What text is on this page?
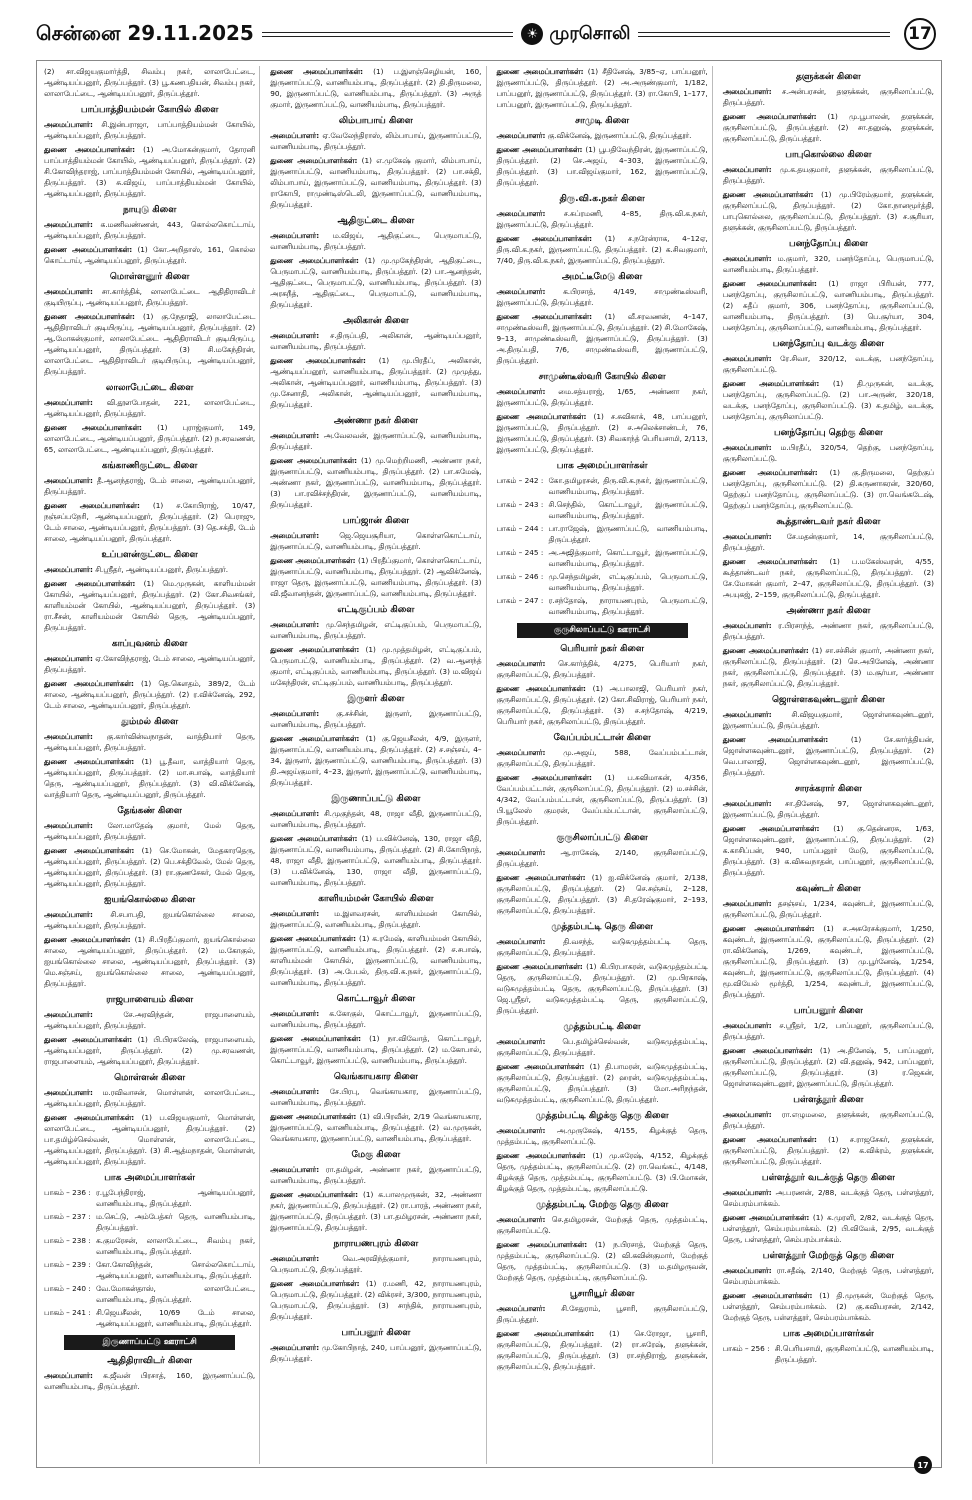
சென்னை 29.11.2025	☀ முரசொலி	17

(2) சா.விஜயகுமார்த்தி, சிவம்பு நகர், லாலாபேட்டை, ஆண்டியப்பனூர், திருப்பத்தூர். (3) பூ.கணபதியன், சிவம்பு நகர், லாலாபேட்டை, ஆண்டியப்பனூர், திருப்பத்தூர்.

பாப்பாத்தியம்மன் கோயில் கிளை

அமைப்பாளர்: சி.இன்பராஜா, பாப்பாத்தியம்மன் கோயில், ஆண்டியப்பனூர், திருப்பத்தூர்.

துணை அமைப்பாளர்கள்: (1) அ.மோகன்குமார், தோரனி பாப்பாத்தியம்மன் கோயில், ஆண்டியப்பனூர், திருப்பத்தூர். (2) சி.கோவிந்தராஜ், பாப்பாத்தியம்மன் கோயில், ஆண்டியப்பனூர், திருப்பத்தூர். (3) சு.விஜய், பாப்பாத்தியம்மன் கோயில், ஆண்டியப்பனூர், திருப்பத்தூர்.

நாயுடு கிளை

அமைப்பாளர்: க.மணிவண்ணன், 443, கொல்லகொட்டாய், ஆண்டியப்பனூர், திருப்பத்தூர்.

துணை அமைப்பாளர்கள்: (1) கோ.அறிதாஸ், 161, கொல்ல கொட்டாய், ஆண்டியப்பனூர், திருப்பத்தூர்.

மொள்ளனூர் கிளை

அமைப்பாளர்: சா.கார்த்திக், லாலாபேட்டை ஆதிதிராவிடர் குடியிருப்பு, ஆண்டியப்பனூர், திருப்பத்தூர்.

துணை அமைப்பாளர்கள்: (1) கு.நேதாஜி, லாலாபேட்டை ஆதிதிராவிடர் குடியிருப்பு, ஆண்டியப்பனூர், திருப்பத்தூர். (2) ஆ.மோகன்குமார், லாலாபேட்டை ஆதிதிராவிடர் குடியிருப்பு, ஆண்டியப்பனூர், திருப்பத்தூர். (3) சி.மகேந்திரன், லாலாபேட்டை ஆதிதிராவிடர் குடியிருப்பு, ஆண்டியப்பனூர், திருப்பத்தூர்.

லாலாபேட்டை கிளை

அமைப்பாளர்: வி.தூளபோதன், 221, லாலாபேட்டை, ஆண்டியப்பனூர், திருப்பத்தூர்.

துணை அமைப்பாளர்கள்: (1) புராஜ்குமார், 149, லாலாபேட்டை, ஆண்டியப்பனூர், திருப்பத்தூர். (2) ந.சரவணன், 65, லாலாபேட்டை, ஆண்டியப்பனூர், திருப்பத்தூர்.

கங்காணிகுட்டை கிளை

அமைப்பாளர்: தீ.ஆனந்தராஜ், டேம் சாலை, ஆண்டியப்பனூர், திருப்பத்தூர்.

துணை அமைப்பாளர்கள்: (1) ச.கோபிராஜ், 10/47, நஞ்சப்பநேரி, ஆண்டியப்பனூர், திருப்பத்தூர். (2) பெராஜு, டேம் சாலை, ஆண்டியப்பனூர், திருப்பத்தூர். (3) தெ.சக்தி, டேம் சாலை, ஆண்டியப்பனூர், திருப்பத்தூர்.

உப்பளன்குட்டை கிளை

அமைப்பாளர்: சி.ஸ்ரீதர், ஆண்டியப்பனூர், திருப்பத்தூர்.

துணை அமைப்பாளர்கள்: (1) மெ.முருகன், காளியம்மன் கோயில், ஆண்டியப்பனூர், திருப்பத்தூர். (2) கோ.சிவசங்கர், காளியம்மன் கோயில், ஆண்டியப்பனூர், திருப்பத்தூர். (3) ரா.சீசன், காளியம்மன் கோயில் தெரு, ஆண்டியப்பனூர், திருப்பத்தூர்.

காப்புவனம் கிளை

அமைப்பாளர்: ஏ.கோவிந்தராஜ், டேம் சாலை, ஆண்டியப்பனூர், திருப்பத்தூர்.

துணை அமைப்பாளர்கள்: (1) தெ.கௌதம், 389/2, டேம் சாலை, ஆண்டியப்பனூர், திருப்பத்தூர். (2) ர.விக்னேஷ், 292, டேம் சாலை, ஆண்டியப்பனூர், திருப்பத்தூர்.

தும்மல் கிளை

அமைப்பாளர்: கு.கார்வின்வநாதன், வாத்தியார் தெரு, ஆண்டியப்பனூர், திருப்பத்தூர்.

துணை அமைப்பாளர்கள்: (1) பூ.தீவா, வாத்தியார் தெரு, ஆண்டியப்பனூர், திருப்பத்தூர். (2) மா.சபாஷ், வாத்தியார் தெரு, ஆண்டியப்பனூர், திருப்பத்தூர். (3) வி.விக்னேஷ், வாத்தியார் தெரு, ஆண்டியப்பனூர், திருப்பத்தூர்.

தேங்கண் கிளை

அமைப்பாளர்: லோ.மாதேஷ் குமார், மேல் தெரு, ஆண்டியப்பனூர், திருப்பத்தூர்.

துணை அமைப்பாளர்கள்: (1) செ.மோகன், மேதகாரதெரு, ஆண்டியப்பனூர், திருப்பத்தூர். (2) பெ.சக்திவேல், மேல் தெரு, ஆண்டியப்பனூர், திருப்பத்தூர். (3) ரா.குணசேகர், மேல் தெரு, ஆண்டியப்பனூர், திருப்பத்தூர்.

ஐயங்கொல்லை கிளை

அமைப்பாளர்: சி.சபாபதி, ஐயங்கொல்லை சாலை, ஆண்டியப்பனூர், திருப்பத்தூர்.

துணை அமைப்பாளர்கள்: (1) சி.பிரதீப்குமார், ஐயங்கொல்லை சாலை, ஆண்டியப்பனூர், திருப்பத்தூர். (2) ம.கோகுல், ஐயங்கொல்லை சாலை, ஆண்டியப்பனூர், திருப்பத்தூர். (3) மெ.சஞ்சய், ஐயங்கொல்லை சாலை, ஆண்டியப்பனூர், திருப்பத்தூர்.

ராஜபாளையம் கிளை

அமைப்பாளர்: சே.அரவிந்தன், ராஜபாளையம், ஆண்டியப்பனூர், திருப்பத்தூர்.

துணை அமைப்பாளர்கள்: (1) பி.பிரகலேஷ், ராஜபாளையம், ஆண்டியப்பனூர், திருப்பத்தூர். (2) மு.சரவணன், ராஜபாளையம், ஆண்டியப்பனூர், திருப்பத்தூர்.

மொள்ளன் கிளை

அமைப்பாளர்: ம.ரவிவாசன், மொள்ளன், லாலாபேட்டை, ஆண்டியப்பனூர், திருப்பத்தூர்.

துணை அமைப்பாளர்கள்: (1) ப.விஜயகுமார், மொள்ளன், லாலாபேட்டை, ஆண்டியப்பனூர், திருப்பத்தூர். (2) பா.தமிழ்ச்செல்வன், மொள்ளன், லாலாபேட்டை, ஆண்டியப்பனூர், திருப்பத்தூர். (3) சி.ஆத்மநாதன், மொள்ளன், ஆண்டியப்பனூர், திருப்பத்தூர்.

பாக அமைப்பாளர்கள்
பாகம் – 236 : ர.பூபேந்திராஜ், ஆண்டியப்பனூர், வாணியம்பாடி, திருப்பத்தூர்.
பாகம் – 237 : ம.செட்டு, அம்பேத்கர் தெரு, வாணியம்பாடி, திருப்பத்தூர்.
பாகம் – 238 : க.குமரேசன், லாலாபேட்டை, சிவம்பு நகர், வாணியம்பாடி, திருப்பத்தூர்.
பாகம் – 239 : கோ.கோவிந்தன், சொல்லகொட்டாய், ஆண்டியப்பனூர், வாணியம்பாடி, திருப்பத்தூர்.
பாகம் – 240 : வே.மோகன்தாஸ், லாலாபேட்டை, வாணியம்பாடி, திருப்பத்தூர்.
பாகம் – 241 : சி.ஜெயசீலன், 10/69 டேம் சாலை, ஆண்டியப்பனூர், வாணியம்பாடி, திருப்பத்தூர்.
இருணாப்பட்டு ஊராட்சி
ஆதிதிராவிடர் கிளை

அமைப்பாளர்: க.ஜீவன் பிரசாத், 160, இருணாப்பட்டு, வாணியம்பாடி, திருப்பத்தூர்.

துணை அமைப்பாளர்கள்: (1) ப.இளஞ்செழியன், 160, இருணாப்பட்டு, வாணியம்பாடி, திருப்பத்தூர். (2) தி.திருமலை, 90, இருணாப்பட்டு, வாணியம்பாடி, திருப்பத்தூர். (3) அருத் குமார், இருணாப்பட்டு, வாணியம்பாடி, திருப்பத்தூர்.

லிம்பாபாய் கிளை

அமைப்பாளர்: ஏ.வேலேந்திராஸ், லிம்பாபாய், இருணாப்பட்டு, வாணியம்பாடி, திருப்பத்தூர்.

துணை அமைப்பாளர்கள்: (1) எ.முகேஷ் குமார், லிம்பாபாய், இருணாப்பட்டு, வாணியம்பாடி, திருப்பத்தூர். (2) பா.சக்தி, லிம்பாபாய், இருணாப்பட்டு, வாணியம்பாடி, திருப்பத்தூர். (3) ராகோபி, ராமுண்டிஸ்டெலி, இருணாப்பட்டு, வாணியம்பாடி, திருப்பத்தூர்.

ஆதிகுட்டை கிளை

அமைப்பாளர்: ம.விஜய், ஆதிகுட்டை, பெருமாபட்டு, வாணியம்பாடி, திருப்பத்தூர்.

துணை அமைப்பாளர்கள்: (1) மு.முகேந்திரன், ஆதிகுட்டை, பெருமாபட்டு, வாணியம்பாடி, திருப்பத்தூர். (2) பா.ஆனந்தன், ஆதிகுட்டை, பெருமாபட்டு, வாணியம்பாடி, திருப்பத்தூர். (3) அரசுநீத், ஆதிகுட்டை, பெருமாபட்டு, வாணியம்பாடி, திருப்பத்தூர்.

அலிகான் கிளை

அமைப்பாளர்: ச.திருப்பதி, அலிகான், ஆண்டியப்பனூர், வாணியம்பாடி, திருப்பத்தூர்.

துணை அமைப்பாளர்கள்: (1) மு.பிரதீப், அலிகான், ஆண்டியப்பனூர், வாணியம்பாடி, திருப்பத்தூர். (2) முமுத்து, அலிகான், ஆண்டியப்பனூர், வாணியம்பாடி, திருப்பத்தூர். (3) மு.சேனாதி, அலிகான், ஆண்டியப்பனூர், வாணியம்பாடி, திருப்பத்தூர்.

அண்ணா நகர் கிளை

அமைப்பாளர்: அ.வேலவன், இருணாப்பட்டு, வாணியம்பாடி, திருப்பத்தூர்.

துணை அமைப்பாளர்கள்: (1) மு.மெற்றிமணி, அண்ணா நகர், இருணாப்பட்டு, வாணியம்பாடி, திருப்பத்தூர். (2) பா.சுமேஷ், அண்ணா நகர், இருணாப்பட்டு, வாணியம்பாடி, திருப்பத்தூர். (3) பா.ரவிச்சந்திரன், இருணாப்பட்டு, வாணியம்பாடி, திருப்பத்தூர்.

பாப்ஜான் கிளை

அமைப்பாளர்: ஜெ.ஜெயசூரியா, கொள்ளகொட்டாய், இருணாப்பட்டு, வாணியம்பாடி, திருப்பத்தூர்.

துணை அமைப்பாளர்கள்: (1) பிரதீப்குமார், கொள்ளகொட்டாய், இருணாப்பட்டு, வாணியம்பாடி, திருப்பத்தூர். (2) ஆவிக்னேஷ், ராஜா தெரு, இருணாப்பட்டு, வாணியம்பாடி, திருப்பத்தூர். (3) வி.ஜீவானந்தன், இருணாப்பட்டு, வாணியம்பாடி, திருப்பத்தூர்.

எட்டிகுப்பம் கிளை

அமைப்பாளர்: மு.செந்தமிழன், எட்டிகுப்பம், பெருமாபட்டு, வாணியம்பாடி, திருப்பத்தூர்.

துணை அமைப்பாளர்கள்: (1) மு.முத்தமிழன், எட்டிகுப்பம், பெருமாபட்டு, வாணியம்பாடி, திருப்பத்தூர். (2) வ.ஆனந்த் குமார், எட்டிகுப்பம், வாணியம்பாடி, திருப்பத்தூர். (3) ம.விஜய் மகேந்திரன், எட்டிகுப்பம், வாணியம்பாடி, திருப்பத்தூர்.

இருளர் கிளை

அமைப்பாளர்: கு.சச்சின், இருளர், இருணாப்பட்டு, வாணியம்பாடி, திருப்பத்தூர்.

துணை அமைப்பாளர்கள்: (1) கு.ஜெயசீலன், 4/9, இருளர், இருணாப்பட்டு, வாணியம்பாடி, திருப்பத்தூர். (2) ச.சஞ்சய், 4–34, இருளர், இருணாப்பட்டு, வாணியம்பாடி, திருப்பத்தூர். (3) தி.அஜய்குமார், 4–23, இருளர், இருணாப்பட்டு, வாணியம்பாடி, திருப்பத்தூர்.

இருணாப்பட்டு கிளை

அமைப்பாளர்: சி.முகுந்தன், 48, ராஜா வீதி, இருணாப்பட்டு, வாணியம்பாடி, திருப்பத்தூர்.

துணை அமைப்பாளர்கள்: (1) ப.விக்னேஷ், 130, ராஜா வீதி, இருணாப்பட்டு, வாணியம்பாடி, திருப்பத்தூர். (2) சி.கோபிநாத், 48, ராஜா வீதி, இருணாப்பட்டு, வாணியம்பாடி, திருப்பத்தூர். (3) ப.விக்னேஷ், 130, ராஜா வீதி, இருணாப்பட்டு, வாணியம்பாடி, திருப்பத்தூர்.

காளியம்மன் கோயில் கிளை

அமைப்பாளர்: ம.இளவரசன், காளியம்மன் கோயில், இருணாப்பட்டு, வாணியம்பாடி, திருப்பத்தூர்.

துணை அமைப்பாளர்கள்: (1) க.ரமேஷ், காளியம்மன் கோயில், இருணாப்பட்டு, வாணியம்பாடி, திருப்பத்தூர். (2) ச.சபாஷ், காளியம்மன் கோயில், இருணாப்பட்டு, வாணியம்பாடி, திருப்பத்தூர். (3) அ.பேபல், திரு.வி.க.நகர், இருணாப்பட்டு, வாணியம்பாடி, திருப்பத்தூர்.

கொட்டாவூர் கிளை

அமைப்பாளர்: க.கோகுல், கொட்டாவூர், இருணாப்பட்டு, வாணியம்பாடி, திருப்பத்தூர்.

துணை அமைப்பாளர்கள்: (1) நா.விவோத், கொட்டாவூர், இருணாப்பட்டு, வாணியம்பாடி, திருப்பத்தூர். (2) ம.கோபால், கொட்டாவூர், இருணாப்பட்டு, வாணியம்பாடி, திருப்பத்தூர்.

வெங்காயகார கிளை

அமைப்பாளர்: சே.பிரபு, வெங்காயகார, இருணாப்பட்டு, வாணியம்பாடி, திருப்பத்தூர்.

துணை அமைப்பாளர்கள்: (1) வி.பிரவீன், 2/19 வெங்காயகார, இருணாப்பட்டு, வாணியம்பாடி, திருப்பத்தூர். (2) வ.முருகன், வெங்காயகார, இருணாப்பட்டு, வாணியம்பாடி, திருப்பத்தூர்.

மேகு கிளை

அமைப்பாளர்: ரா.தமிழன், அண்ணா நகர், இருணாப்பட்டு, வாணியம்பாடி, திருப்பத்தூர்.

துணை அமைப்பாளர்கள்: (1) க.பாலமுருகன், 32, அண்ணா நகர், இருணாப்பட்டு, திருப்பத்தூர். (2) ரா.பாரத், அண்ணா நகர், இருணாப்பட்டு, திருப்பத்தூர். (3) பா.தமிழரசன், அண்ணா நகர், இருணாப்பட்டு, திருப்பத்தூர்.

நாராயணபுரம் கிளை

அமைப்பாளர்: வெ.அரவிந்த்குமார், நாராயணபுரம், பெருமாபட்டு, திருப்பத்தூர்.

துணை அமைப்பாளர்கள்: (1) ர.மணி, 42, நாராயணபுரம், பெருமாபட்டு, திருப்பத்தூர். (2) விக்ரசர், 3/300, நாராயணபுரம், பெருமாபட்டு, திருப்பத்தூர். (3) சாந்திக், நாராயணபுரம், திருப்பத்தூர்.

பாப்பனூர் கிளை

அமைப்பாளர்: மு.கோபிநாத், 240, பாப்பனூர், இருணாப்பட்டு, திருப்பத்தூர்.

துணை அமைப்பாளர்கள்: (1) சீதினேஷ், 3/85–ஏ, பாப்பனூர், இருணாப்பட்டு, திருப்பத்தூர். (2) அ.அருண்குமார், 1/182, பாப்பனூர், இருணாப்பட்டு, திருப்பத்தூர். (3) ரா.கோபி, 1–177, பாப்பனூர், இருணாப்பட்டு, திருப்பத்தூர்.

சாமுடி கிளை

அமைப்பாளர்: கு.விக்னேஷ், இருணாப்பட்டு, திருப்பத்தூர்.

துணை அமைப்பாளர்கள்: (1) பூபதிவேந்திரன், இருணாப்பட்டு, திருப்பத்தூர். (2) செ.அஜய், 4–303, இருணாப்பட்டு, திருப்பத்தூர். (3) பா.விஜய்குமார், 162, இருணாப்பட்டு, திருப்பத்தூர்.

திரு.வி.க.நகர் கிளை

அமைப்பாளர்: ச.சுப்ரமணி, 4–85, திரு.வி.க.நகர், இருணாப்பட்டு, திருப்பத்தூர்.

துணை அமைப்பாளர்கள்: (1) ச.நரேன்ராக, 4–12ஏ, திரு.வி.க.நகர், இருணாப்பட்டு, திருப்பத்தூர். (2) க.சிவகுமார், 7/40, திரு.வி.க.நகர், இருணாப்பட்டு, திருப்பத்தூர்.

அமட்டீமேடு கிளை

அமைப்பாளர்: க.பிரசாத், 4/149, சாமுண்டீஸ்வரி, இருணாப்பட்டு, திருப்பத்தூர்.

துணை அமைப்பாளர்கள்: (1) வீ.சரவணன், 4–147, சாமுண்டீஸ்வரி, இருணாப்பட்டு, திருப்பத்தூர். (2) சி.மோகேஷ், 9–13, சாமுண்டீஸ்வரி, இருணாப்பட்டு, திருப்பத்தூர். (3) அ.திருப்பதி, 7/6, சாமுண்டீஸ்வரி, இருணாப்பட்டு, திருப்பத்தூர்.

சாமுண்டீஸ்வரி கோயில் கிளை

அமைப்பாளர்: மை.சத்யராஜ், 1/65, அண்ணா நகர், இருணாப்பட்டு, திருப்பத்தூர்.

துணை அமைப்பாளர்கள்: (1) ச.சுவிகாக், 48, பாப்பனூர், இருணாப்பட்டு, திருப்பத்தூர். (2) ச.அலெக்சாண்டர், 76, இருணாப்பட்டு, திருப்பத்தூர். (3) சிவகாந்த் பெரியசாமி, 2/113, இருணாப்பட்டு, திருப்பத்தூர்.

பாக அமைப்பாளர்கள்
பாகம் – 242 : கோ.தமிழரசன், திரு.வி.க.நகர், இருணாப்பட்டு, வாணியம்பாடி, திருப்பத்தூர்.
பாகம் – 243 : சி.செந்தில், கொட்டாவூர், இருணாப்பட்டு, வாணியம்பாடி, திருப்பத்தூர்.
பாகம் – 244 : பா.ராஜேஷ், இருணாப்பட்டு, வாணியம்பாடி, திருப்பத்தூர்.
பாகம் – 245 : அ.அஜித்குமார், கொட்டாவூர், இருணாப்பட்டு, வாணியம்பாடி, திருப்பத்தூர்.
பாகம் – 246 : மு.செந்தமிழன், எட்டிகுப்பம், பெருமாபட்டு, வாணியம்பாடி, திருப்பத்தூர்.
பாகம் – 247 : ர.சந்தோஷ், நாராயணபுரம், பெருமாபட்டு, வாணியம்பாடி, திருப்பத்தூர்.
குருசிலாப்பட்டு ஊராட்சி
பெரியார் நகர் கிளை

அமைப்பாளர்: செ.கார்த்திக், 4/275, பெரியார் நகர், குருசிலாப்பட்டு, திருப்பத்தூர்.

துணை அமைப்பாளர்கள்: (1) அ.பாலாஜி, பெரியார் நகர், குருசிலாப்பட்டு, திருப்பத்தூர். (2) கோ.சிவிராஜ், பெரியார் நகர், குருசிலாப்பட்டு, திருப்பத்தூர். (3) ச.சந்தோஷ், 4/219, பெரியார் நகர், குருசிலாப்பட்டு, திருப்பத்தூர்.

வேப்பம்பட்டான் கிளை

அமைப்பாளர்: மு.அஜய், 588, வேப்பம்பட்டான், குருசிலாப்பட்டு, திருப்பத்தூர்.

துணை அமைப்பாளர்கள்: (1) ப.சுவிமாகன், 4/356, வேப்பம்பட்டான், குருசிலாப்பட்டு, திருப்பத்தூர். (2) ம.சச்சின், 4/342, வேப்பம்பட்டான், குருசிலாப்பட்டு, திருப்பத்தூர். (3) பி.யூலேஸ் குமரன், வேப்பம்பட்டான், குருசிலாப்பட்டு, திருப்பத்தூர்.

குருசிலாப்பட்டு கிளை

அமைப்பாளர்: ஆ.ராகேஷ், 2/140, குருசிலாப்பட்டு, திருப்பத்தூர்.

துணை அமைப்பாளர்கள்: (1) ஐ.விக்னேஷ் குமார், 2/138, குருசிலாப்பட்டு, திருப்பத்தூர். (2) செ.சஞ்சய், 2–128, குருசிலாப்பட்டு, திருப்பத்தூர். (3) சி.தரேஷ்குமார், 2–193, குருசிலாப்பட்டு, திருப்பத்தூர்.

முத்தம்பட்டி தெரு கிளை

அமைப்பாளர்: தி.வசந்த், வடுகமுத்தம்பட்டி தெரு, குருசிலாப்பட்டு, திருப்பத்தூர்.

துணை அமைப்பாளர்கள்: (1) கி.பிரபாகரன், வடுகமுத்தம்பட்டி தெரு, குருசிலாப்பட்டு, திருப்பத்தூர். (2) மு.பிரகாஷ், வடுகமுத்தம்பட்டி தெரு, குருசிலாப்பட்டு, திருப்பத்தூர். (3) ஜெ.ஸ்ரீதர், வடுகமுத்தம்பட்டி தெரு, குருசிலாப்பட்டு, திருப்பத்தூர்.

முத்தம்பட்டி கிளை

அமைப்பாளர்: பெ.தமிழ்ச்செல்வன், வடுகமுத்தம்பட்டி, குருசிலாப்பட்டு, திருப்பத்தூர்.

துணை அமைப்பாளர்கள்: (1) தி.பாமரன், வடுகமுத்தம்பட்டி, குருசிலாப்பட்டு, திருப்பத்தூர். (2) ஹரன், வடுகமுத்தம்பட்டி, குருசிலாப்பட்டு, திருப்பத்தூர். (3) மோ.அரிநந்தன், வடுகமுத்தம்பட்டி, குருசிலாப்பட்டு, திருப்பத்தூர்.

முத்தம்பட்டி கிழக்கு தெரு கிளை

அமைப்பாளர்: அ.முருகேஷ், 4/155, கிழக்குத் தெரு, முத்தம்பட்டி, குருசிலாப்பட்டு.

துணை அமைப்பாளர்கள்: (1) மு.சுரேஷ், 4/152, கிழக்குத் தெரு, முத்தம்பட்டி, குருசிலாப்பட்டு. (2) ரா.வெங்கட், 4/148, கிழக்குத் தெரு, முத்தம்பட்டி, குருசிலாப்பட்டு. (3) பி.மோகன், கிழக்குத் தெரு, முத்தம்பட்டி, குருசிலாப்பட்டு.

முத்தம்பட்டி மேற்கு தெரு கிளை

அமைப்பாளர்: செ.தமிழரசன், மேற்குத் தெரு, முத்தம்பட்டி, குருசிலாப்பட்டு.

துணை அமைப்பாளர்கள்: (1) ந.பிரசாத், மேற்குத் தெரு, முத்தம்பட்டி, குருசிலாப்பட்டு. (2) வி.கவின்குமார், மேற்குத் தெரு, முத்தம்பட்டி, குருசிலாப்பட்டு. (3) ம.தமிழருவன், மேற்குத் தெரு, முத்தம்பட்டி, குருசிலாப்பட்டு.

பூசாரியூர் கிளை

அமைப்பாளர்: சி.சேதுராம், பூசாரி, குருசிலாப்பட்டு, திருப்பத்தூர்.

துணை அமைப்பாளர்கள்: (1) செ.ரோஜா, பூசாரி, குருசிலாப்பட்டு, திருப்பத்தூர். (2) ரா.சுரேஷ், தளுக்கன், குருசிலாப்பட்டு, திருப்பத்தூர். (3) ரா.சந்திராஜ், தளுக்கன், குருசிலாப்பட்டு, திருப்பத்தூர்.

தளுக்கன் கிளை

அமைப்பாளர்: ச.அன்பரசன், தளுக்கன், குருசிலாப்பட்டு, திருப்பத்தூர்.

துணை அமைப்பாளர்கள்: (1) மு.பூபாலன், தளுக்கன், குருசிலாப்பட்டு, திருப்பத்தூர். (2) சா.தனுஷ், தளுக்கன், குருசிலாப்பட்டு, திருப்பத்தூர்.

பாபுகொல்லை கிளை

அமைப்பாளர்: மு.க.தயகுமார், தளுக்கன், குருசிலாப்பட்டு, திருப்பத்தூர்.

துணை அமைப்பாளர்கள்: (1) மு.பிரேம்குமார், தளுக்கன், குருசிலாப்பட்டு, திருப்பத்தூர். (2) கோ.நானமூர்த்தி, பாபுகொல்லை, குருசிலாப்பட்டு, திருப்பத்தூர். (3) ச.சூரியா, தளுக்கன், குருசிலாப்பட்டு, திருப்பத்தூர்.

பனந்தோப்பு கிளை

அமைப்பாளர்: ம.குமார், 320, பனந்தோப்பு, பெருமாபட்டு, வாணியம்பாடி, திருப்பத்தூர்.

துணை அமைப்பாளர்கள்: (1) ராஜா பிரியன், 777, பனந்தோப்பு, குருசிலாப்பட்டு, வாணியம்பாடி, திருப்பத்தூர். (2) சுதீப் குமார், 306, பனந்தோப்பு, குருசிலாப்பட்டு, வாணியம்பாடி, திருப்பத்தூர். (3) பெ.சூர்யா, 304, பனந்தோப்பு, குருசிலாப்பட்டு, வாணியம்பாடி, திருப்பத்தூர்.

பனந்தோப்பு வடக்கு கிளை

அமைப்பாளர்: ரே.சிவா, 320/12, வடக்கு, பனந்தோப்பு, குருசிலாப்பட்டு.

துணை அமைப்பாளர்கள்: (1) தி.முருகன், வடக்கு, பனந்தோப்பு, குருசிலாப்பட்டு. (2) பா.அருண், 320/18, வடக்கு, பனந்தோப்பு, குருசிலாப்பட்டு. (3) சு.தமிழ், வடக்கு, பனந்தோப்பு, குருசிலாப்பட்டு.

பனந்தோப்பு தெற்கு கிளை

அமைப்பாளர்: ம.பிரதீப், 320/54, தெற்கு, பனந்தோப்பு, குருசிலாப்பட்டு.

துணை அமைப்பாளர்கள்: (1) கு.திருமலை, தெற்குப் பனந்தோப்பு, குருசிலாப்பட்டு. (2) தி.கருணாகரன், 320/60, தெற்குப் பனந்தோப்பு, குருசிலாப்பட்டு. (3) ரா.வெங்கடேஷ், தெற்குப் பனந்தோப்பு, குருசிலாப்பட்டு.

கூத்தாண்டவர் நகர் கிளை

அமைப்பாளர்: சே.மதன்குமார், 14, குருசிலாப்பட்டு, திருப்பத்தூர்.

துணை அமைப்பாளர்கள்: (1) ப.மகேஸ்வரன், 4/55, கூத்தாண்டவர் நகர், குருசிலாப்பட்டு, திருப்பத்தூர். (2) சே.மோகன் குமார், 2–47, குருசிலாப்பட்டு, திருப்பத்தூர். (3) அ.யுகஜ், 2–159, குருசிலாப்பட்டு, திருப்பத்தூர்.

அண்ணா நகர் கிளை

அமைப்பாளர்: ர.பிரசாந்த், அண்ணா நகர், குருசிலாப்பட்டு, திருப்பத்தூர்.

துணை அமைப்பாளர்கள்: (1) சா.சச்சின் குமார், அண்ணா நகர், குருசிலாப்பட்டு, திருப்பத்தூர். (2) செ.அபினேஷ், அண்ணா நகர், குருசிலாப்பட்டு, திருப்பத்தூர். (3) ம.சூர்யா, அண்ணா நகர், குருசிலாப்பட்டு, திருப்பத்தூர்.

ஜொள்ளகவுண்டனூர் கிளை

அமைப்பாளர்: சி.விஜயகுமார், ஜொள்ளகவுண்டனூர், இருணாப்பட்டு, திருப்பத்தூர்.

துணை அமைப்பாளர்கள்: (1) சே.கார்த்தியன், ஜொள்ளகவுண்டனூர், இருணாப்பட்டு, திருப்பத்தூர். (2) வெ.பாலாஜி, ஜொள்ளகவுண்டனூர், இருணாப்பட்டு, திருப்பத்தூர்.

சாரக்கரார் கிளை

அமைப்பாளர்: சா.தினேஷ், 97, ஜொள்ளகவுண்டனூர், இருணாப்பட்டு, திருப்பத்தூர்.

துணை அமைப்பாளர்கள்: (1) கு.தென்னரசு, 1/63, ஜொள்ளகவுண்டனூர், இருணாப்பட்டு, திருப்பத்தூர். (2) க.காசிப்பன், 940, பாப்பனூர் மேடு, குருசிலாப்பட்டு, திருப்பத்தூர். (3) க.விசுவநாதன், பாப்பனூர், குருசிலாப்பட்டு, திருப்பத்தூர்.

கவுண்டர் கிளை

அமைப்பாளர்: தசஞ்சய், 1/234, கவுண்டர், இருணாப்பட்டு, குருசிலாப்பட்டு, திருப்பத்தூர்.

துணை அமைப்பாளர்கள்: (1) ச.அசுரேசக்குமார், 1/250, கவுண்டர், இருணாப்பட்டு, குருசிலாப்பட்டு, திருப்பத்தூர். (2) ரா.விக்னேஷ், 1/269, கவுண்டர், இருணாப்பட்டு, குருசிலாப்பட்டு, திருப்பத்தூர். (3) மு.பூர்னேஷ், 1/254, கவுண்டர், இருணாப்பட்டு, குருசிலாப்பட்டு, திருப்பத்தூர். (4) மூ.வியேல் மூர்த்தி, 1/254, கவுண்டர், இருணாப்பட்டு, திருப்பத்தூர்.

பாப்பனூர் கிளை

அமைப்பாளர்: ச.ஸ்ரீதர், 1/2, பாப்பனூர், குருசிலாப்பட்டு, திருப்பத்தூர்.

துணை அமைப்பாளர்கள்: (1) அ.தினேஷ், 5, பாப்பனூர், குருசிலாப்பட்டு, திருப்பத்தூர். (2) வி.தனுஷ், 942, பாப்பனூர், குருசிலாப்பட்டு, திருப்பத்தூர். (3) ர.ஜெகன், ஜொள்ளகவுண்டனூர், இருணாப்பட்டு, திருப்பத்தூர்.

பள்ளத்தூர் கிளை

அமைப்பாளர்: ரா.எழுமலை, தளுக்கன், குருசிலாப்பட்டு, திருப்பத்தூர்.

துணை அமைப்பாளர்கள்: (1) ச.ராஜசேகர், தளுக்கன், குருசிலாப்பட்டு, திருப்பத்தூர். (2) க.விக்ரம், தளுக்கன், குருசிலாப்பட்டு, திருப்பத்தூர்.

பள்ளத்தூர் வடக்குத் தெரு கிளை

அமைப்பாளர்: அ.பரணன், 2/88, வடக்குத் தெரு, பள்ளத்தூர், செம்பரம்பாக்கம்.

துணை அமைப்பாளர்கள்: (1) க.முரளி, 2/82, வடக்குத் தெரு, பள்ளத்தூர், செம்பரம்பாக்கம். (2) பி.விவேக், 2/95, வடக்குத் தெரு, பள்ளத்தூர், செம்பரம்பாக்கம்.

பள்ளத்தூர் மேற்குத் தெரு கிளை

அமைப்பாளர்: ரா.சதீஷ், 2/140, மேற்குத் தெரு, பள்ளத்தூர், செம்பரம்பாக்கம்.

துணை அமைப்பாளர்கள்: (1) தி.முருகன், மேற்குத் தெரு, பள்ளத்தூர், செம்பரம்பாக்கம். (2) கு.கவியரசன், 2/142, மேற்குத் தெரு, பள்ளத்தூர், செம்பரம்பாக்கம்.

பாக அமைப்பாளர்கள்
பாகம் – 256 : சி.பெரியசாமி, குருசிலாப்பட்டு, வாணியம்பாடி, திருப்பத்தூர்.
17
